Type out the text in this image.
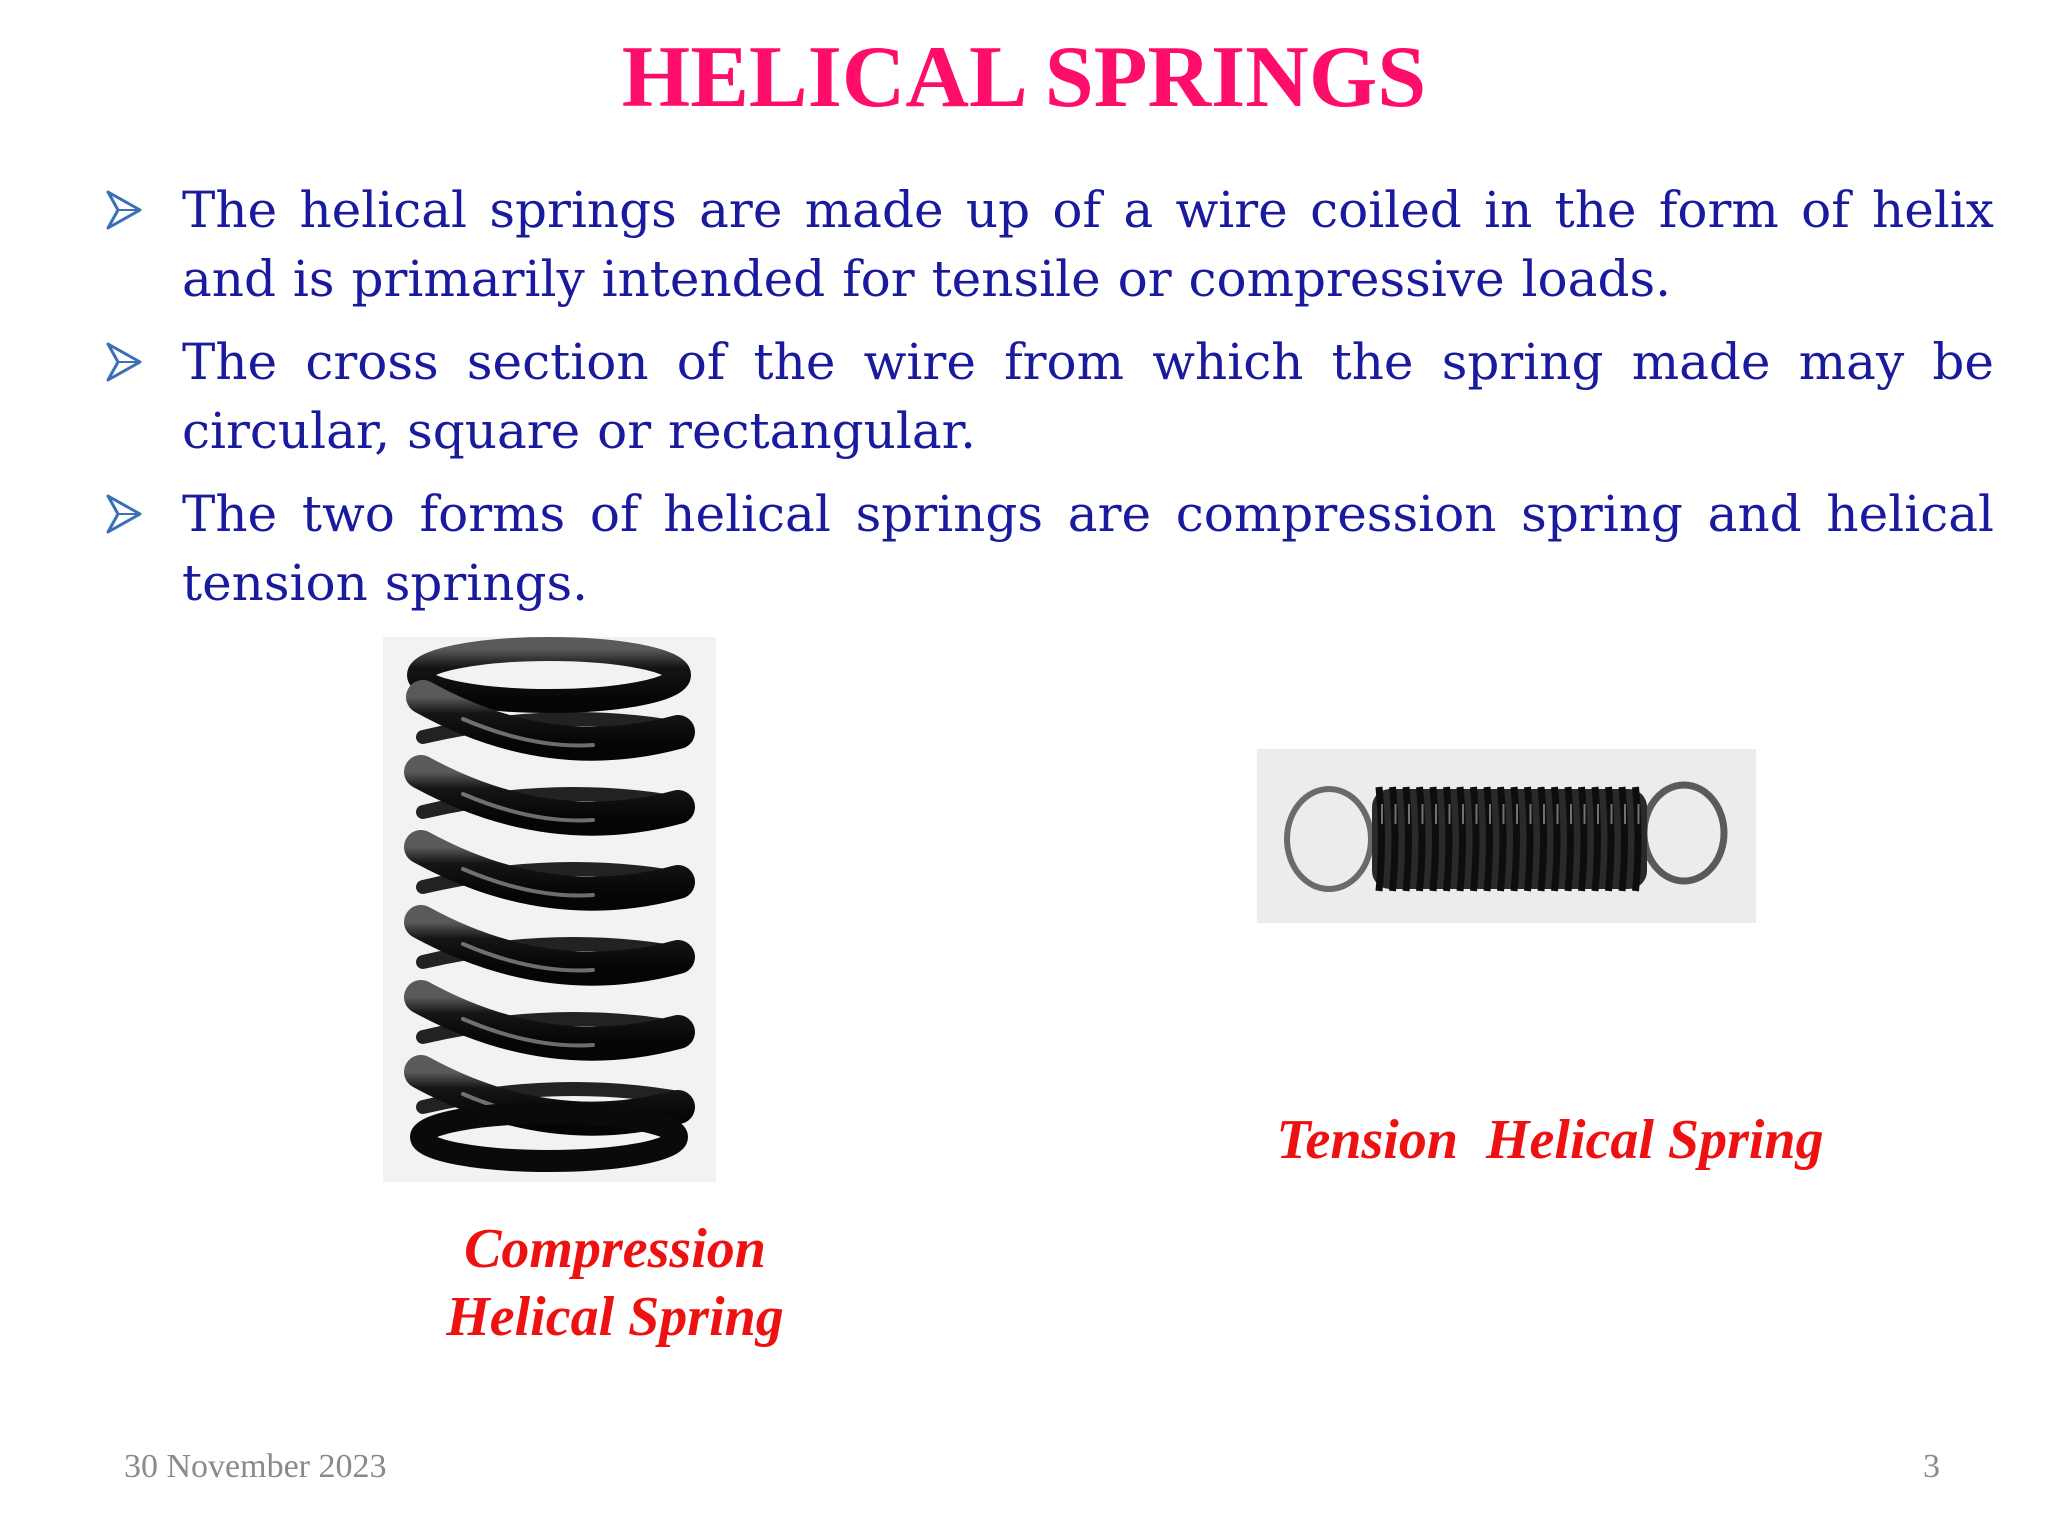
HELICAL SPRINGS
The helical springs are made up of a wire coiled in the form of helix and is primarily intended for tensile or compressive loads.
The cross section of the wire from which the spring made may be circular, square or rectangular.
The two forms of helical springs are compression spring and helical tension springs.

Tension  Helical Spring

Compression
Helical Spring

30 November 2023	3
